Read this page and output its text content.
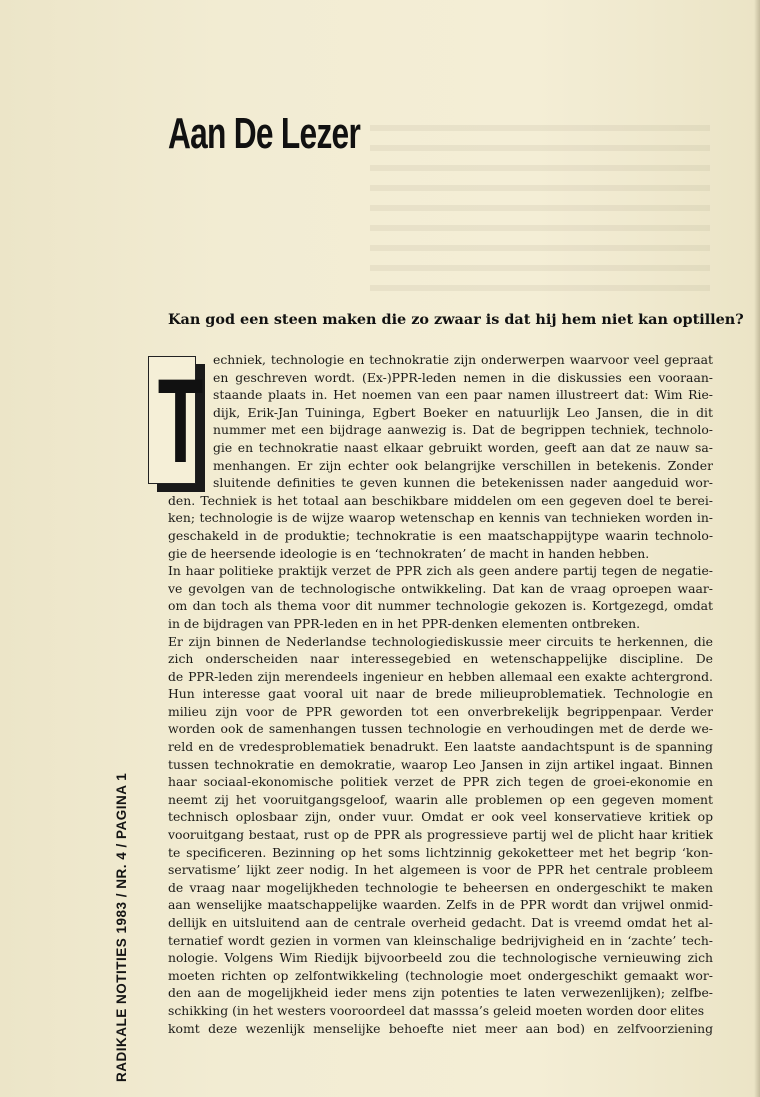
Aan De Lezer
Kan god een steen maken die zo zwaar is dat hij hem niet kan optillen?
T echniek, technologie en technokratie zijn onderwerpen waarvoor veel gepraat
en geschreven wordt. (Ex-)PPR-leden nemen in die diskussies een vooraan-
staande plaats in. Het noemen van een paar namen illustreert dat: Wim Rie-
dijk, Erik-Jan Tuininga, Egbert Boeker en natuurlijk Leo Jansen, die in dit
nummer met een bijdrage aanwezig is. Dat de begrippen techniek, technolo-
gie en technokratie naast elkaar gebruikt worden, geeft aan dat ze nauw sa-
menhangen. Er zijn echter ook belangrijke verschillen in betekenis. Zonder
sluitende definities te geven kunnen die betekenissen nader aangeduid wor-
den. Techniek is het totaal aan beschikbare middelen om een gegeven doel te berei-
ken; technologie is de wijze waarop wetenschap en kennis van technieken worden in-
geschakeld in de produktie; technokratie is een maatschappijtype waarin technolo-
gie de heersende ideologie is en ‘technokraten’ de macht in handen hebben.
In haar politieke praktijk verzet de PPR zich als geen andere partij tegen de negatie-
ve gevolgen van de technologische ontwikkeling. Dat kan de vraag oproepen waar-
om dan toch als thema voor dit nummer technologie gekozen is. Kortgezegd, omdat
in de bijdragen van PPR-leden en in het PPR-denken elementen ontbreken.
Er zijn binnen de Nederlandse technologiediskussie meer circuits te herkennen, die
zich onderscheiden naar interessegebied en wetenschappelijke discipline. De
de PPR-leden zijn merendeels ingenieur en hebben allemaal een exakte achtergrond.
Hun interesse gaat vooral uit naar de brede milieuproblematiek. Technologie en
milieu zijn voor de PPR geworden tot een onverbrekelijk begrippenpaar. Verder
worden ook de samenhangen tussen technologie en verhoudingen met de derde we-
reld en de vredesproblematiek benadrukt. Een laatste aandachtspunt is de spanning
tussen technokratie en demokratie, waarop Leo Jansen in zijn artikel ingaat. Binnen
haar sociaal-ekonomische politiek verzet de PPR zich tegen de groei-ekonomie en
neemt zij het vooruitgangsgeloof, waarin alle problemen op een gegeven moment
technisch oplosbaar zijn, onder vuur. Omdat er ook veel konservatieve kritiek op
vooruitgang bestaat, rust op de PPR als progressieve partij wel de plicht haar kritiek
te specificeren. Bezinning op het soms lichtzinnig gekoketteer met het begrip ‘kon-
servatisme’ lijkt zeer nodig. In het algemeen is voor de PPR het centrale probleem
de vraag naar mogelijkheden technologie te beheersen en ondergeschikt te maken
aan wenselijke maatschappelijke waarden. Zelfs in de PPR wordt dan vrijwel onmid-
dellijk en uitsluitend aan de centrale overheid gedacht. Dat is vreemd omdat het al-
ternatief wordt gezien in vormen van kleinschalige bedrijvigheid en in ‘zachte’ tech-
nologie. Volgens Wim Riedijk bijvoorbeeld zou die technologische vernieuwing zich
moeten richten op zelfontwikkeling (technologie moet ondergeschikt gemaakt wor-
den aan de mogelijkheid ieder mens zijn potenties te laten verwezenlijken); zelfbe-
schikking (in het westers vooroordeel dat masssa’s geleid moeten worden door elites
komt deze wezenlijk menselijke behoefte niet meer aan bod) en zelfvoorziening
RADIKALE NOTITIES 1983 / NR. 4 / PAGINA 1
